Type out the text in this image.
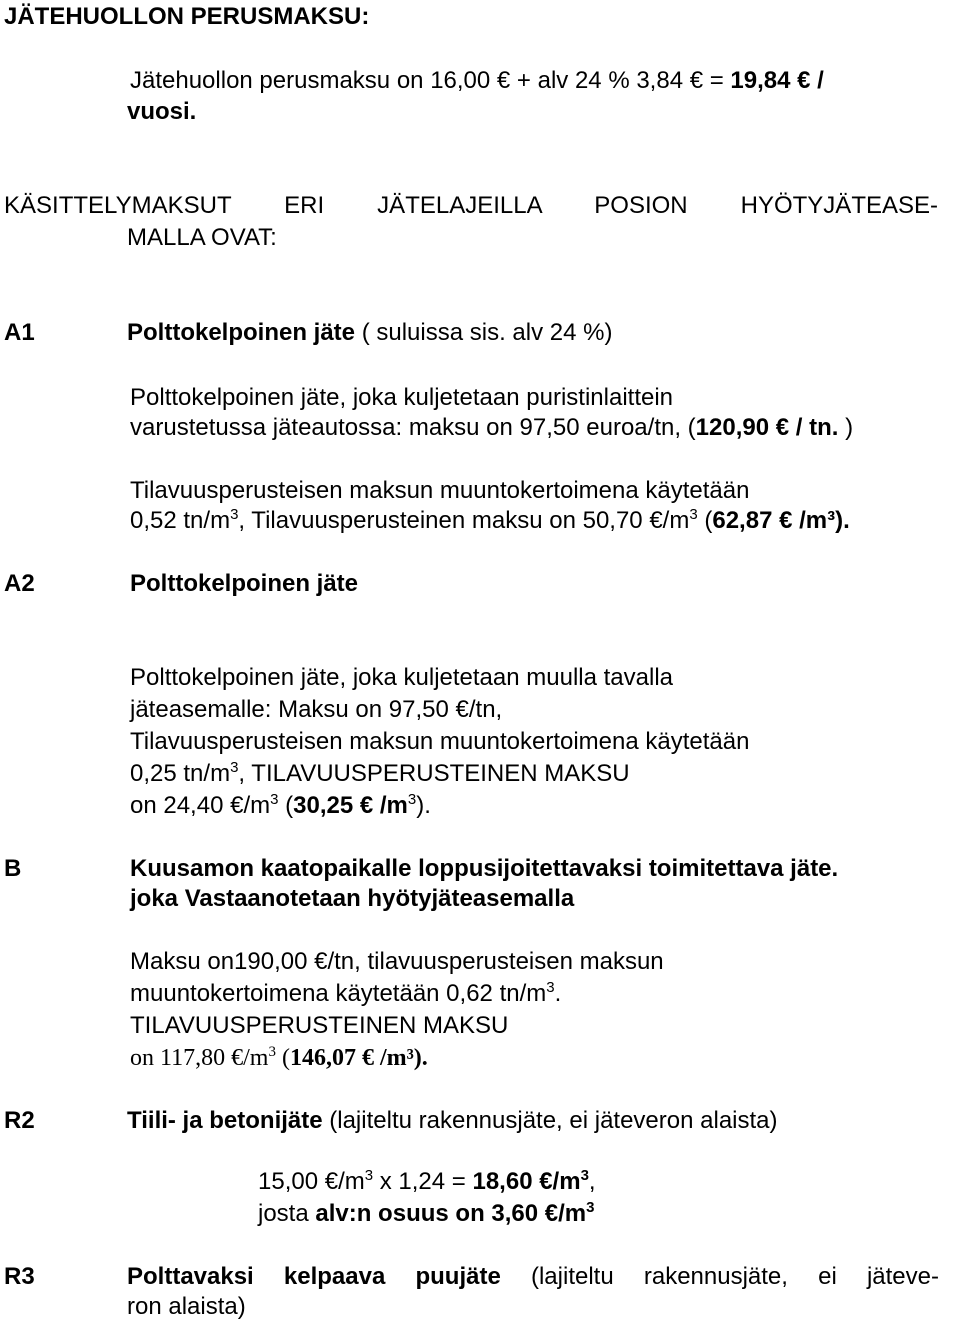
JÄTEHUOLLON PERUSMAKSU:
Jätehuollon perusmaksu on 16,00 € + alv 24 % 3,84 € = 19,84 € /
vuosi.
KÄSITTELYMAKSUT ERI JÄTELAJEILLA POSION HYÖTYJÄTEASE-
MALLA OVAT:
A1	Polttokelpoinen jäte ( suluissa sis. alv 24 %)
Polttokelpoinen jäte, joka kuljetetaan puristinlaittein
varustetussa jäteautossa: maksu on 97,50 euroa/tn, (120,90 € / tn. )
Tilavuusperusteisen maksun muuntokertoimena käytetään
0,52 $tn/m^3$, Tilavuusperusteinen maksu on 50,70 $€/m^3$ (62,87 € /m³).
A2	Polttokelpoinen jäte
Polttokelpoinen jäte, joka kuljetetaan muulla tavalla
jäteasemalle: Maksu on 97,50 €/tn,
Tilavuusperusteisen maksun muuntokertoimena käytetään
0,25 $tn/m^3$, TILAVUUSPERUSTEINEN MAKSU
on 24,40 $€/m^3$ (30,25 € $/m^3$).
B	Kuusamon kaatopaikalle loppusijoitettavaksi toimitettava jäte.
joka Vastaanotetaan hyötyjäteasemalla
Maksu on190,00 €/tn, tilavuusperusteisen maksun
muuntokertoimena käytetään 0,62 $tn/m^3$.
TILAVUUSPERUSTEINEN MAKSU
on 117,80 $€/m^3$ (146,07 € /m³).
R2	Tiili- ja betonijäte (lajiteltu rakennusjäte, ei jäteveron alaista)
15,00 $€/m^3$ x 1,24 = 18,60 $€/m^3$,
josta alv:n osuus on 3,60 $€/m^3$
R3	Polttavaksi kelpaava puujäte (lajiteltu rakennusjäte, ei jäteve-
ron alaista)
